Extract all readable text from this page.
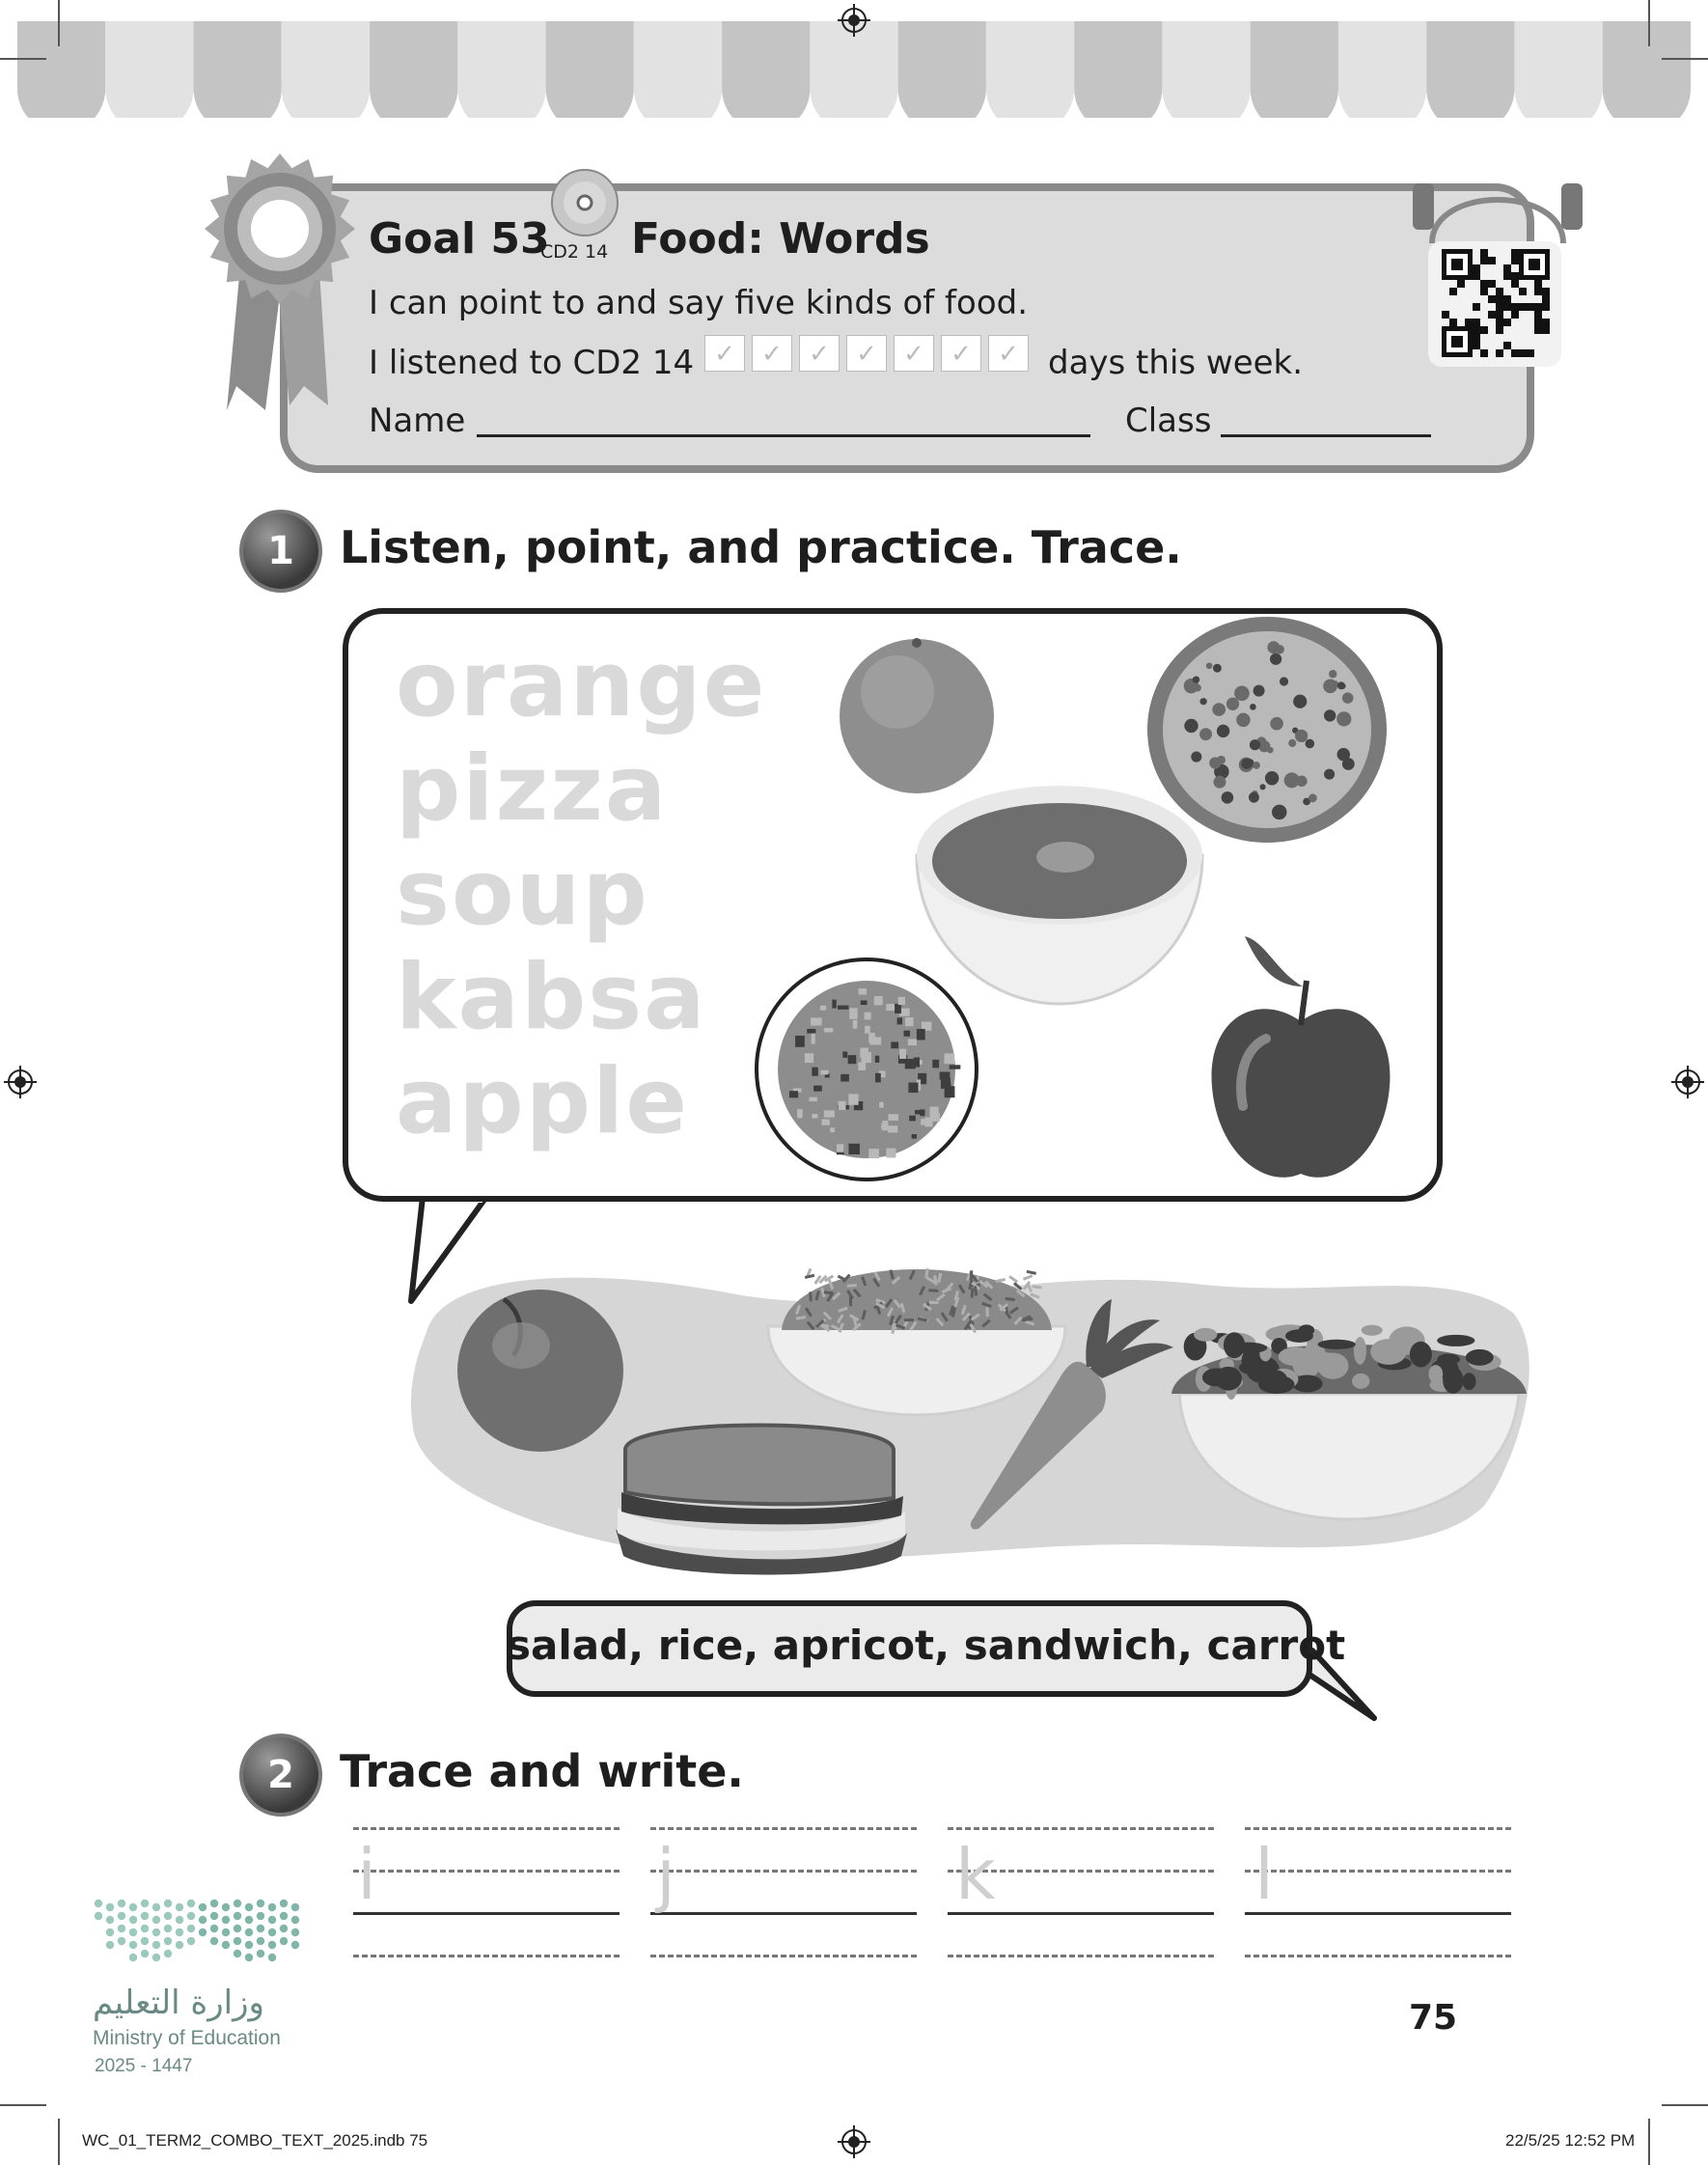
Goal 53
CD2 14 Food: Words
I can point to and say five kinds of food.
I listened to CD2 14 ✓	✓	✓	✓	✓	✓	✓ days this week.
Name	Class
1	Listen, point, and practice. Trace.
orange
pizza
soup
kabsa
apple
salad, rice, apricot, sandwich, carrot
2	Trace and write.
i	j	k	l
وزارة التعليم
Ministry of Education
2025 - 1447
75
WC_01_TERM2_COMBO_TEXT_2025.indb 75	22/5/25 12:52 PM
